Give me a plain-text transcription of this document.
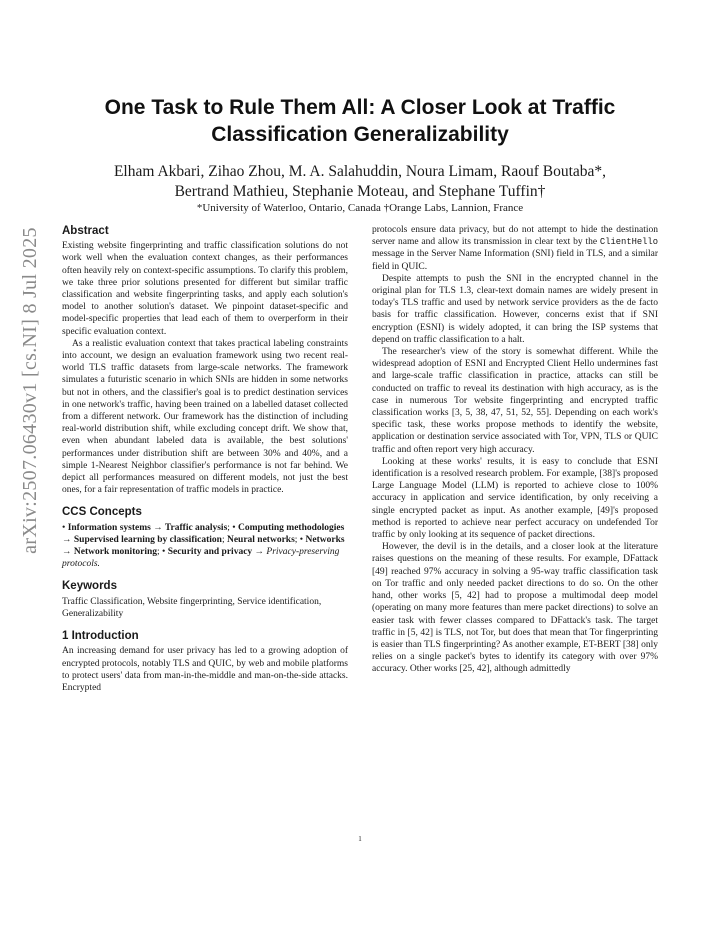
arXiv:2507.06430v1 [cs.NI] 8 Jul 2025
One Task to Rule Them All: A Closer Look at Traffic Classification Generalizability
Elham Akbari, Zihao Zhou, M. A. Salahuddin, Noura Limam, Raouf Boutaba*,
Bertrand Mathieu, Stephanie Moteau, and Stephane Tuffin†
*University of Waterloo, Ontario, Canada †Orange Labs, Lannion, France
Abstract

Existing website fingerprinting and traffic classification solutions do not work well when the evaluation context changes, as their performances often heavily rely on context-specific assumptions. To clarify this problem, we take three prior solutions presented for different but similar traffic classification and website fingerprinting tasks, and apply each solution's model to another solution's dataset. We pinpoint dataset-specific and model-specific properties that lead each of them to overperform in their specific evaluation context.

As a realistic evaluation context that takes practical labeling constraints into account, we design an evaluation framework using two recent real-world TLS traffic datasets from large-scale networks. The framework simulates a futuristic scenario in which SNIs are hidden in some networks but not in others, and the classifier's goal is to predict destination services in one network's traffic, having been trained on a labelled dataset collected from a different network. Our framework has the distinction of including real-world distribution shift, while excluding concept drift. We show that, even when abundant labeled data is available, the best solutions' performances under distribution shift are between 30% and 40%, and a simple 1-Nearest Neighbor classifier's performance is not far behind. We depict all performances measured on different models, not just the best ones, for a fair representation of traffic models in practice.

CCS Concepts

• Information systems → Traffic analysis; • Computing methodologies → Supervised learning by classification; Neural networks; • Networks → Network monitoring; • Security and privacy → Privacy-preserving protocols.

Keywords

Traffic Classification, Website fingerprinting, Service identification, Generalizability

1 Introduction

An increasing demand for user privacy has led to a growing adoption of encrypted protocols, notably TLS and QUIC, by web and mobile platforms to protect users' data from man-in-the-middle and man-on-the-side attacks. Encrypted

protocols ensure data privacy, but do not attempt to hide the destination server name and allow its transmission in clear text by the ClientHello message in the Server Name Information (SNI) field in TLS, and a similar field in QUIC.

Despite attempts to push the SNI in the encrypted channel in the original plan for TLS 1.3, clear-text domain names are widely present in today's TLS traffic and used by network service providers as the de facto basis for traffic classification. However, concerns exist that if SNI encryption (ESNI) is widely adopted, it can bring the ISP systems that depend on traffic classification to a halt.

The researcher's view of the story is somewhat different. While the widespread adoption of ESNI and Encrypted Client Hello undermines fast and large-scale traffic classification in practice, attacks can still be conducted on traffic to reveal its destination with high accuracy, as is the case in numerous Tor website fingerprinting and encrypted traffic classification works [3, 5, 38, 47, 51, 52, 55]. Depending on each work's specific task, these works propose methods to identify the website, application or destination service associated with Tor, VPN, TLS or QUIC traffic and often report very high accuracy.

Looking at these works' results, it is easy to conclude that ESNI identification is a resolved research problem. For example, [38]'s proposed Large Language Model (LLM) is reported to achieve close to 100% accuracy in application and service identification, by only receiving a single encrypted packet as input. As another example, [49]'s proposed method is reported to achieve near perfect accuracy on undefended Tor traffic by only looking at its sequence of packet directions.

However, the devil is in the details, and a closer look at the literature raises questions on the meaning of these results. For example, DFattack [49] reached 97% accuracy in solving a 95-way traffic classification task on Tor traffic and only needed packet directions to do so. On the other hand, other works [5, 42] had to propose a multimodal deep model (operating on many more features than mere packet directions) to solve an easier task with fewer classes compared to DFattack's task. The target traffic in [5, 42] is TLS, not Tor, but does that mean that Tor fingerprinting is easier than TLS fingerprinting? As another example, ET-BERT [38] only relies on a single packet's bytes to identify its category with over 97% accuracy. Other works [25, 42], although admittedly

1
